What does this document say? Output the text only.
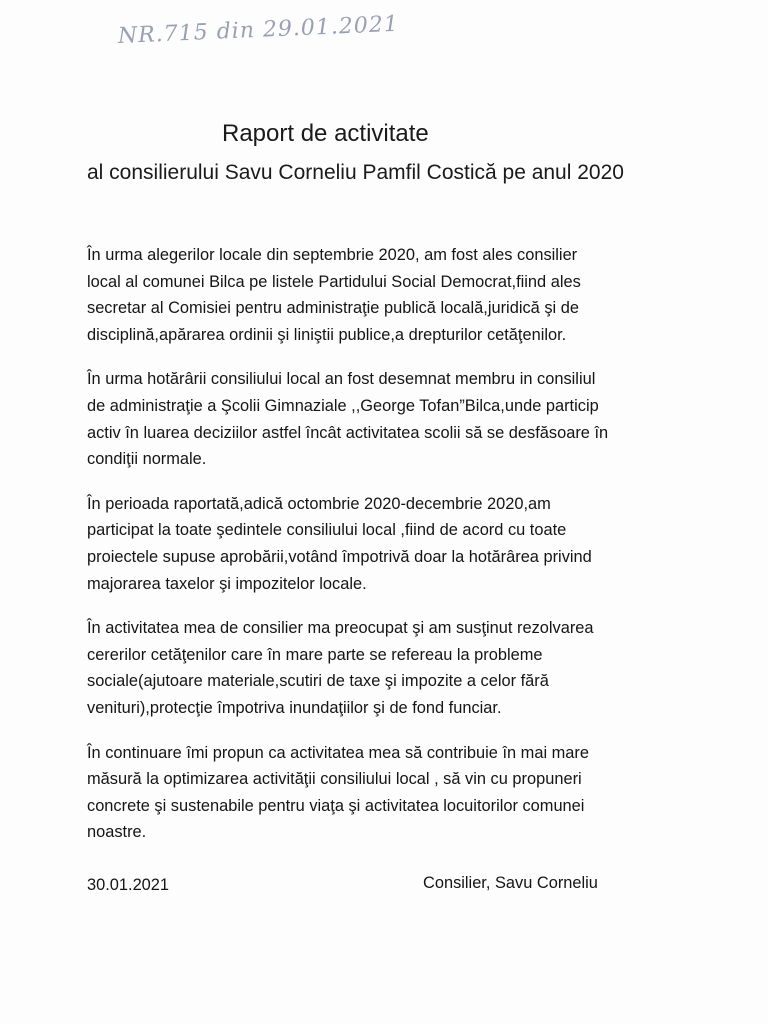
NR.715 din 29.01.2021
Raport de activitate
al consilierului Savu Corneliu Pamfil Costică pe anul 2020

În urma alegerilor locale din septembrie 2020, am fost ales consilier
local al comunei Bilca pe listele Partidului Social Democrat,fiind ales
secretar al Comisiei pentru administraţie publică locală,juridică şi de
disciplină,apărarea ordinii şi liniştii publice,a drepturilor cetăţenilor.

În urma hotărârii consiliului local an fost desemnat membru in consiliul
de administraţie a Şcolii Gimnaziale ,,George Tofan”Bilca,unde particip
activ în luarea deciziilor astfel încât activitatea scolii să se desfăsoare în
condiţii normale.

În perioada raportată,adică octombrie 2020-decembrie 2020,am
participat la toate şedintele consiliului local ,fiind de acord cu toate
proiectele supuse aprobării,votând împotrivă doar la hotărârea privind
majorarea taxelor şi impozitelor locale.

În activitatea mea de consilier ma preocupat şi am susţinut rezolvarea
cererilor cetăţenilor care în mare parte se refereau la probleme
sociale(ajutoare materiale,scutiri de taxe şi impozite a celor fără
venituri),protecţie împotriva inundaţiilor şi de fond funciar.

În continuare îmi propun ca activitatea mea să contribuie în mai mare
măsură la optimizarea activităţii consiliului local , să vin cu propuneri
concrete şi sustenabile pentru viaţa şi activitatea locuitorilor comunei
noastre.

30.01.2021	Consilier, Savu Corneliu
